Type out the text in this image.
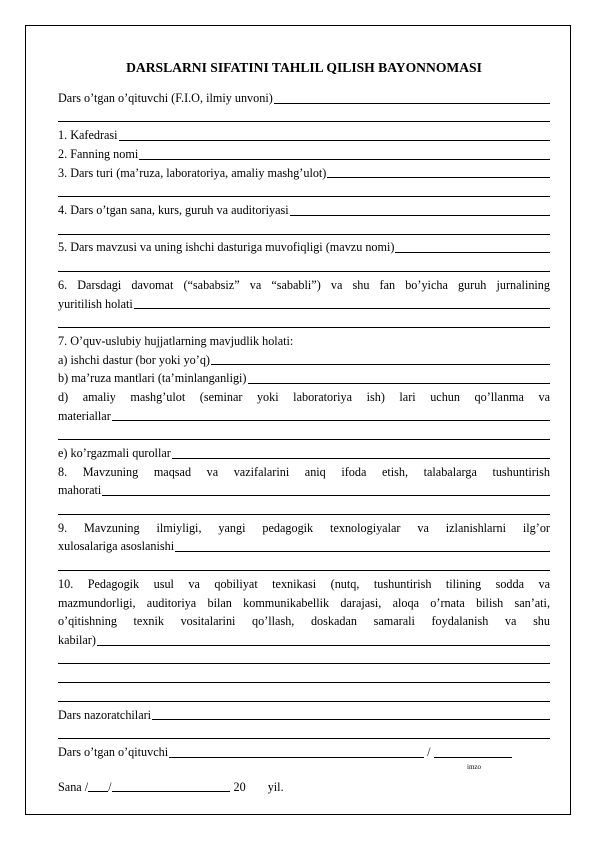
DARSLARNI SIFATINI TAHLIL QILISH BAYONNOMASI
Dars o’tgan o’qituvchi (F.I.O, ilmiy unvoni)
1. Kafedrasi
2. Fanning nomi
3. Dars turi (ma’ruza, laboratoriya, amaliy mashg’ulot)
4. Dars o’tgan sana, kurs, guruh va auditoriyasi
5. Dars mavzusi va uning ishchi dasturiga muvofiqligi (mavzu nomi)
6. Darsdagi davomat (“sababsiz” va “sababli”) va shu fan bo’yicha guruh jurnalining
yuritilish holati
7. O’quv-uslubiy hujjatlarning mavjudlik holati:
a) ishchi dastur (bor yoki yo’q)
b) ma’ruza mantlari (ta’minlanganligi)
d) amaliy mashg’ulot (seminar yoki laboratoriya ish) lari uchun qo’llanma va
materiallar
e) ko’rgazmali qurollar
8. Mavzuning maqsad va vazifalarini aniq ifoda etish, talabalarga tushuntirish
mahorati
9. Mavzuning ilmiyligi, yangi pedagogik texnologiyalar va izlanishlarni ilg’or
xulosalariga asoslanishi
10. Pedagogik usul va qobiliyat texnikasi (nutq, tushuntirish tilining sodda va
mazmundorligi, auditoriya bilan kommunikabellik darajasi, aloqa o’rnata bilish san’ati,
o’qitishning texnik vositalarini qo’llash, doskadan samarali foydalanish va shu
kabilar)
Dars nazoratchilari
Dars o’tgan o’qituvchi	/
imzo
Sana / /	20 yil.
